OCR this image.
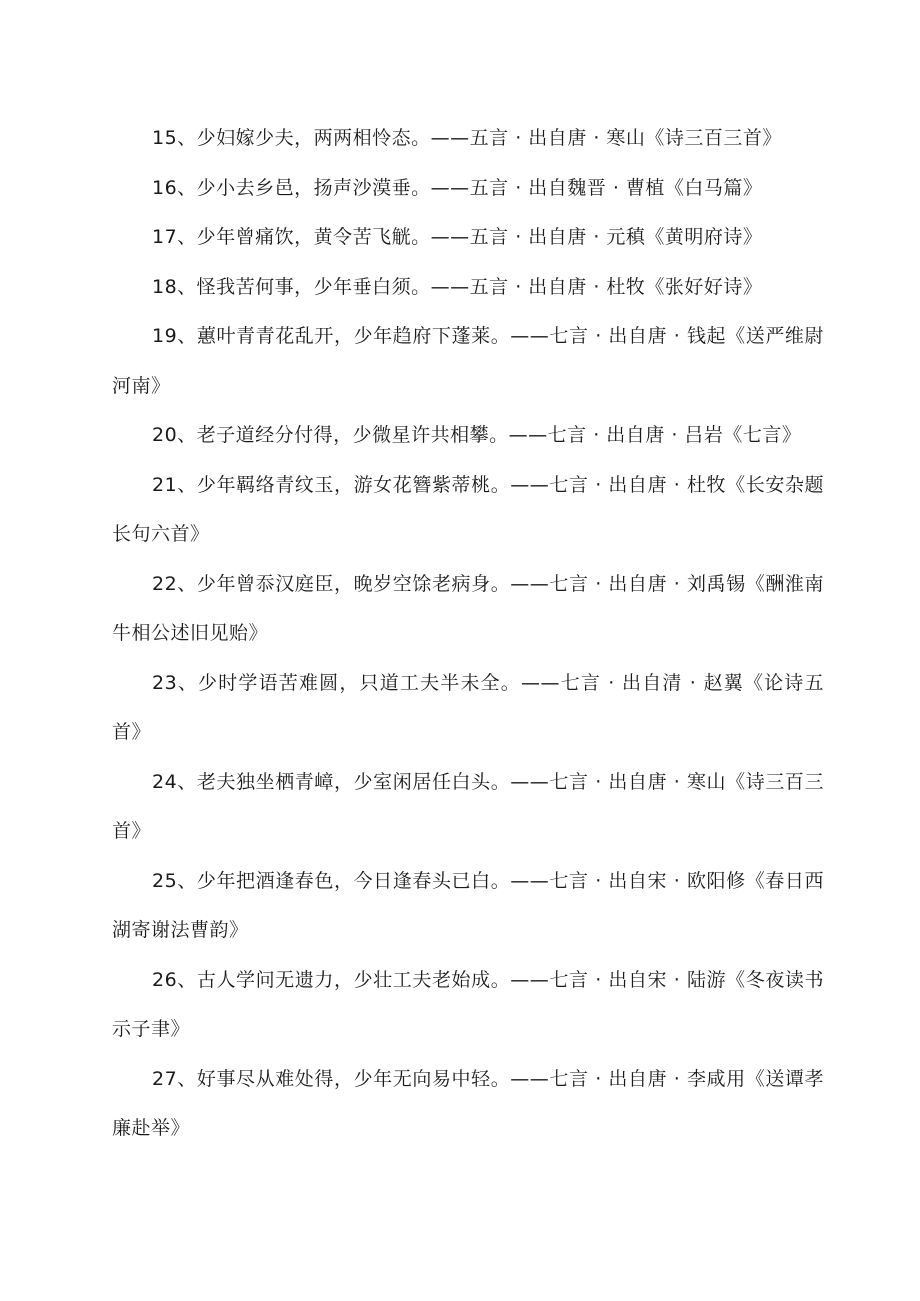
15、少妇嫁少夫，两两相怜态。——五言 · 出自唐 · 寒山《诗三百三首》

16、少小去乡邑，扬声沙漠垂。——五言 · 出自魏晋 · 曹植《白马篇》

17、少年曾痛饮，黄令苦飞觥。——五言 · 出自唐 · 元稹《黄明府诗》

18、怪我苦何事，少年垂白须。——五言 · 出自唐 · 杜牧《张好好诗》

19、蕙叶青青花乱开，少年趋府下蓬莱。——七言 · 出自唐 · 钱起《送严维尉河南》

20、老子道经分付得，少微星许共相攀。——七言 · 出自唐 · 吕岩《七言》

21、少年羁络青纹玉，游女花簪紫蒂桃。——七言 · 出自唐 · 杜牧《长安杂题长句六首》

22、少年曾忝汉庭臣，晚岁空馀老病身。——七言 · 出自唐 · 刘禹锡《酬淮南牛相公述旧见贻》

23、少时学语苦难圆，只道工夫半未全。——七言 · 出自清 · 赵翼《论诗五首》

24、老夫独坐栖青嶂，少室闲居任白头。——七言 · 出自唐 · 寒山《诗三百三首》

25、少年把酒逢春色，今日逢春头已白。——七言 · 出自宋 · 欧阳修《春日西湖寄谢法曹韵》

26、古人学问无遗力，少壮工夫老始成。——七言 · 出自宋 · 陆游《冬夜读书示子聿》

27、好事尽从难处得，少年无向易中轻。——七言 · 出自唐 · 李咸用《送谭孝廉赴举》
